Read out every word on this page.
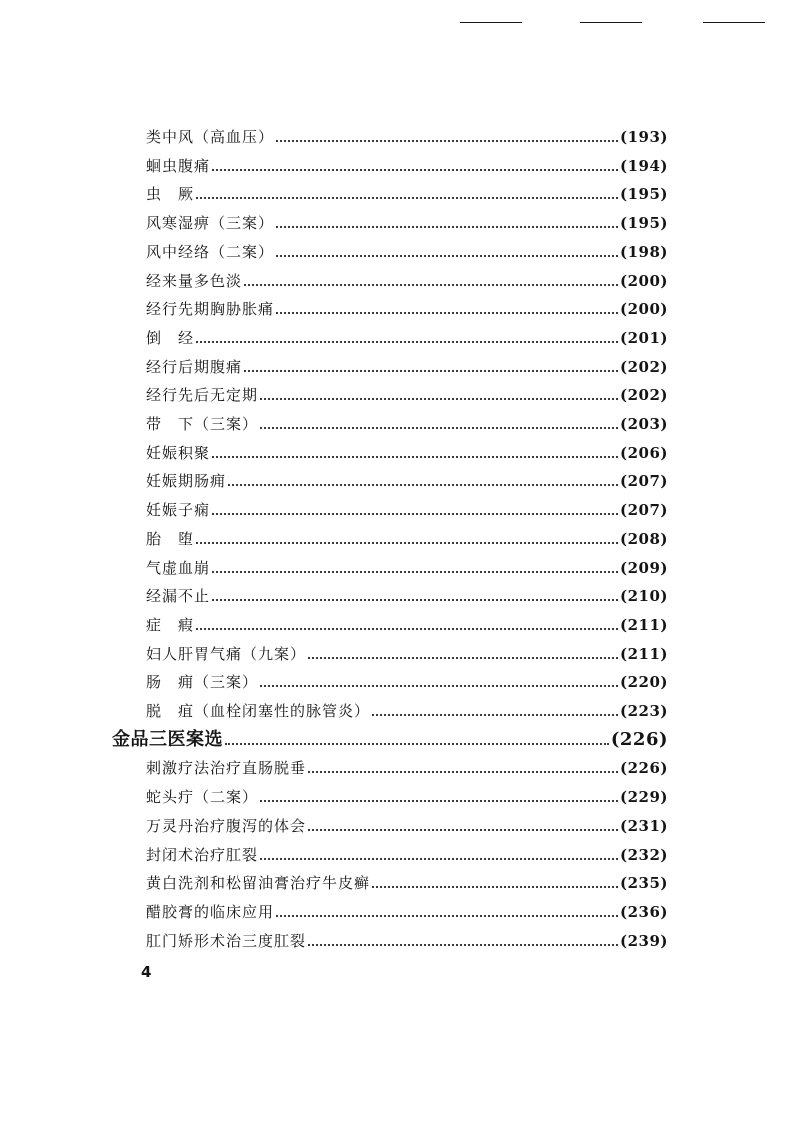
类中风（高血压）	(193)
蛔虫腹痛	(194)
虫　厥	(195)
风寒湿痹（三案）	(195)
风中经络（二案）	(198)
经来量多色淡	(200)
经行先期胸胁胀痛	(200)
倒　经	(201)
经行后期腹痛	(202)
经行先后无定期	(202)
带　下（三案）	(203)
妊娠积聚	(206)
妊娠期肠痈	(207)
妊娠子痫	(207)
胎　堕	(208)
气虚血崩	(209)
经漏不止	(210)
症　瘕	(211)
妇人肝胃气痛（九案）	(211)
肠　痈（三案）	(220)
脱　疽（血栓闭塞性的脉管炎）	(223)
金品三医案选	(226)
刺激疗法治疗直肠脱垂	(226)
蛇头疔（二案）	(229)
万灵丹治疗腹泻的体会	(231)
封闭术治疗肛裂	(232)
黄白洗剂和松留油膏治疗牛皮癣	(235)
醋胶膏的临床应用	(236)
肛门矫形术治三度肛裂	(239)
4
